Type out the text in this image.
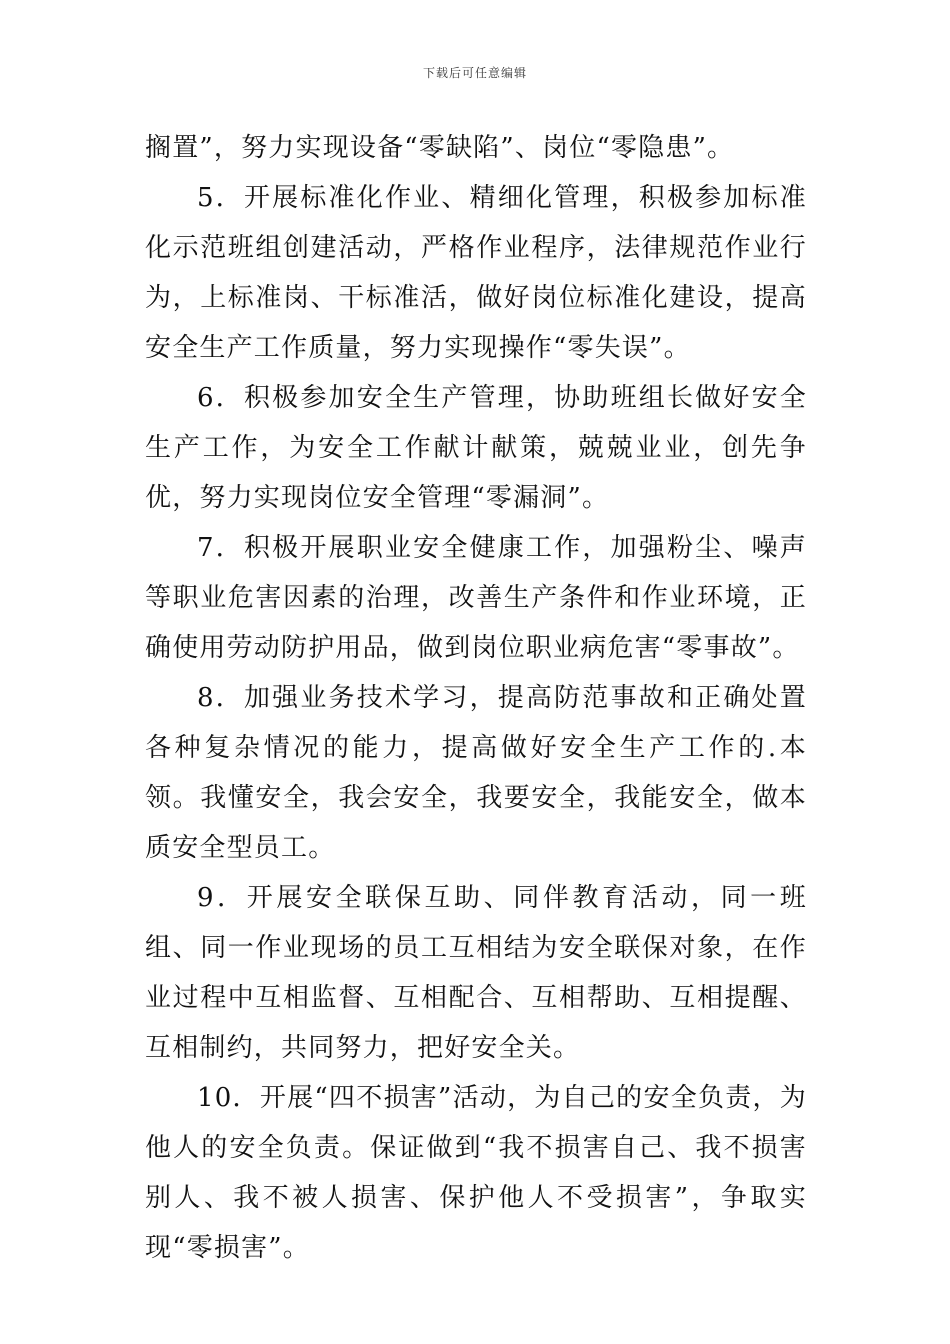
下载后可任意编辑

搁置”，努力实现设备“零缺陷”、岗位“零隐患”。

5．开展标准化作业、精细化管理，积极参加标准化示范班组创建活动，严格作业程序，法律规范作业行为，上标准岗、干标准活，做好岗位标准化建设，提高安全生产工作质量，努力实现操作“零失误”。

6．积极参加安全生产管理，协助班组长做好安全生产工作，为安全工作献计献策，兢兢业业，创先争优，努力实现岗位安全管理“零漏洞”。

7．积极开展职业安全健康工作，加强粉尘、噪声等职业危害因素的治理，改善生产条件和作业环境，正确使用劳动防护用品，做到岗位职业病危害“零事故”。

8．加强业务技术学习，提高防范事故和正确处置各种复杂情况的能力，提高做好安全生产工作的.本领。我懂安全，我会安全，我要安全，我能安全，做本质安全型员工。

9．开展安全联保互助、同伴教育活动，同一班组、同一作业现场的员工互相结为安全联保对象，在作业过程中互相监督、互相配合、互相帮助、互相提醒、互相制约，共同努力，把好安全关。

10．开展“四不损害”活动，为自己的安全负责，为他人的安全负责。保证做到“我不损害自己、我不损害别人、我不被人损害、保护他人不受损害”，争取实现“零损害”。
